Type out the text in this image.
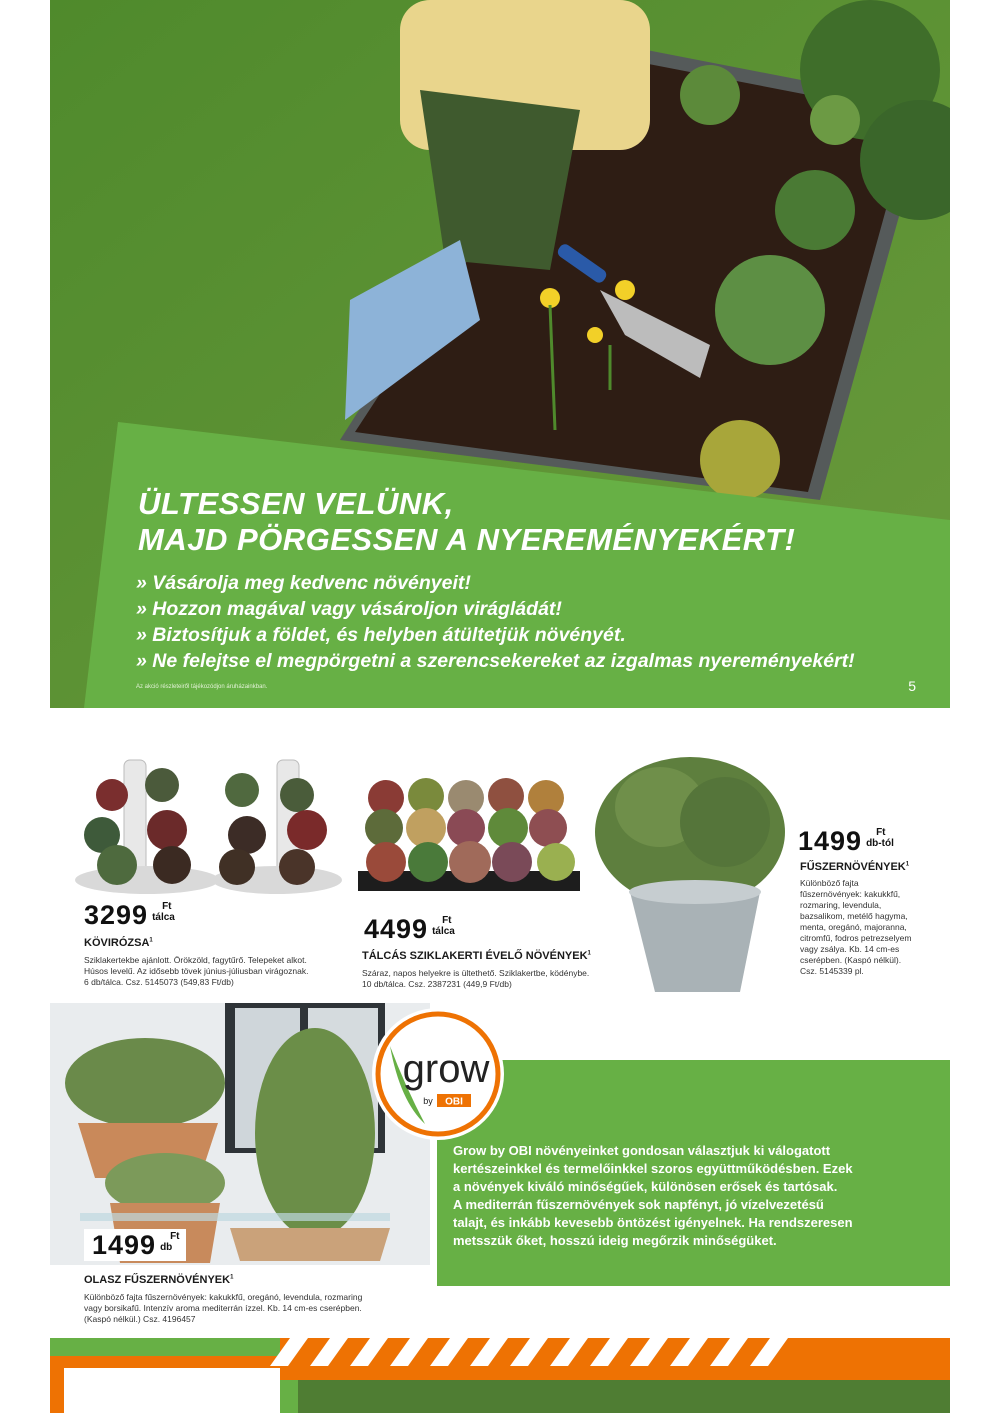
ÜLTESSEN VELÜNK,
MAJD PÖRGESSEN A NYEREMÉNYEKÉRT!
» Vásárolja meg kedvenc növényeit!
» Hozzon magával vagy vásároljon virágládát!
» Biztosítjuk a földet, és helyben átültetjük növényét.
» Ne felejtse el megpörgetni a szerencsekereket az izgalmas nyereményekért!
Az akció részleteiről tájékozódjon áruházainkban.	5
3299	Ft
tálca
KÖVIRÓZSA$^1$

Sziklakertekbe ajánlott. Örökzöld, fagytűrő. Telepeket alkot.
Húsos levelű. Az idősebb tövek június-júliusban virágoznak.
6 db/tálca. Csz. 5145073 (549,83 Ft/db)

4499	Ft
tálca
TÁLCÁS SZIKLAKERTI ÉVELŐ NÖVÉNYEK$^1$

Száraz, napos helyekre is ültethető. Sziklakertbe, ködénybe.
10 db/tálca. Csz. 2387231 (449,9 Ft/db)

1499	Ft
db-tól
FŰSZERNÖVÉNYEK$^1$

Különböző fajta
fűszernövények: kakukkfű,
rozmaring, levendula,
bazsalikom, metélő hagyma,
menta, oregánó, majoranna,
citromfű, fodros petrezselyem
vagy zsálya. Kb. 14 cm-es
cserépben. (Kaspó nélkül).
Csz. 5145339 pl.

1499	Ft
db
OLASZ FŰSZERNÖVÉNYEK$^1$

Különböző fajta fűszernövények: kakukkfű, oregánó, levendula, rozmaring
vagy borsikafű. Intenzív aroma mediterrán ízzel. Kb. 14 cm-es cserépben.
(Kaspó nélkül.) Csz. 4196457

grow
by OBI

Grow by OBI növényeinket gondosan választjuk ki válogatott
kertészeinkkel és termelőinkkel szoros együttműködésben. Ezek
a növények kiváló minőségűek, különösen erősek és tartósak.
A mediterrán fűszernövények sok napfényt, jó vízelvezetésű
talajt, és inkább kevesebb öntözést igényelnek. Ha rendszeresen
metsszük őket, hosszú ideig megőrzik minőségüket.
